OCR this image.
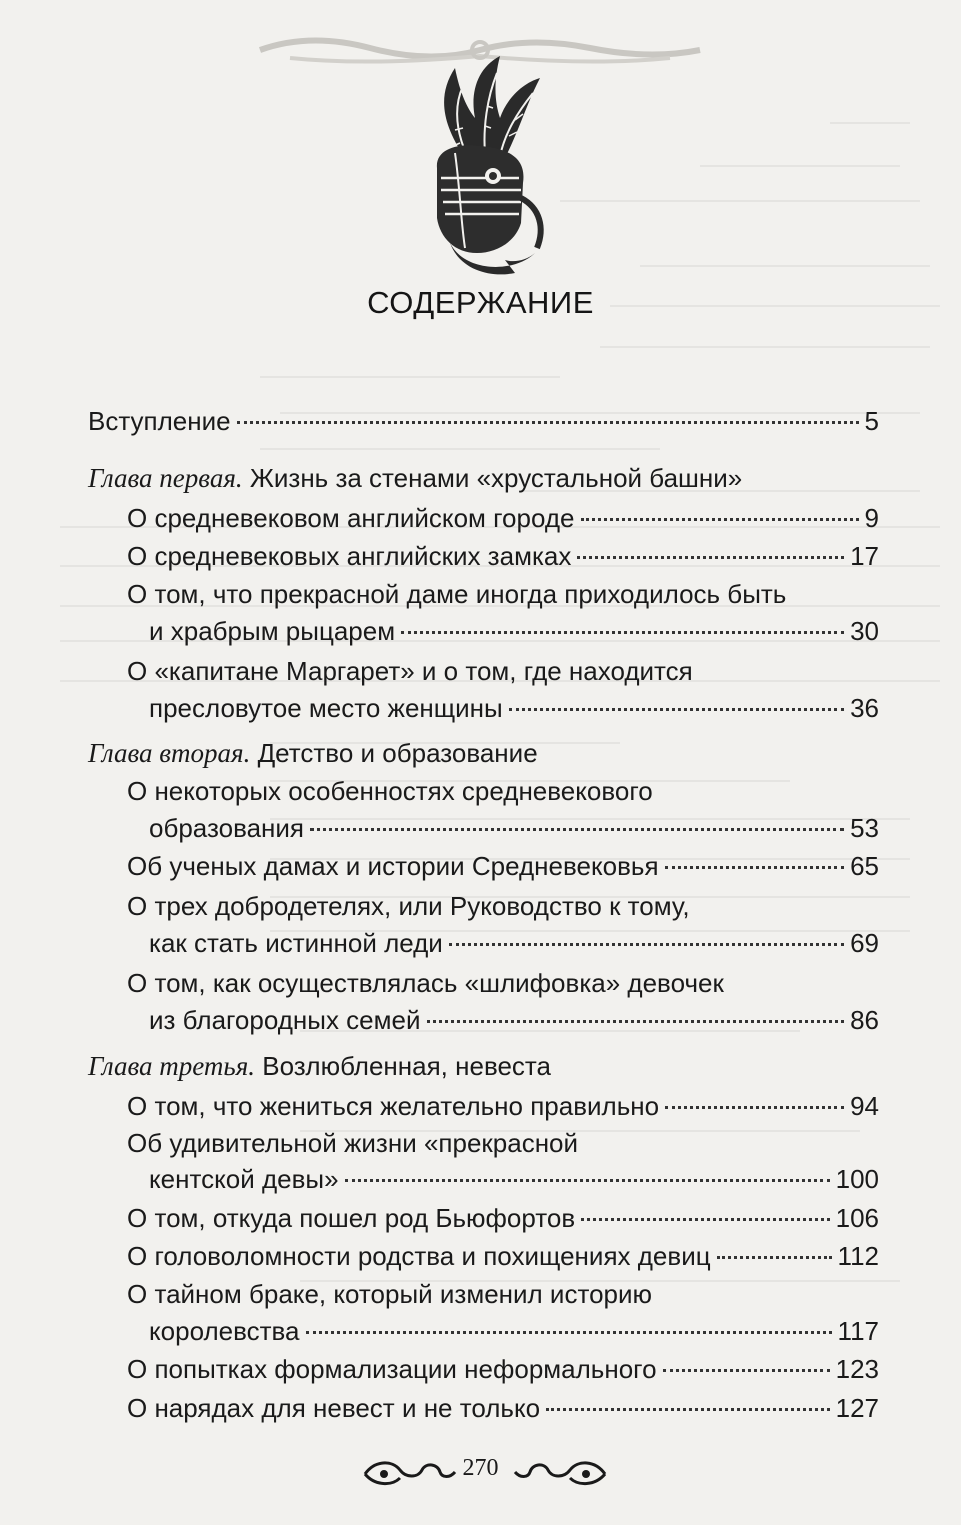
СОДЕРЖАНИЕ
Вступление	5
Глава первая.
Жизнь за стенами «хрустальной башни»
О средневековом английском городе	9
О средневековых английских замках	17
О том, что прекрасной даме иногда приходилось быть
и храбрым рыцарем	30
О «капитане Маргарет» и о том, где находится
пресловутое место женщины	36
Глава вторая.
Детство и образование
О некоторых особенностях средневекового
образования	53
Об ученых дамах и истории Средневековья	65
О трех добродетелях, или Руководство к тому,
как стать истинной леди	69
О том, как осуществлялась «шлифовка» девочек
из благородных семей	86
Глава третья.
Возлюбленная, невеста
О том, что жениться желательно правильно	94
Об удивительной жизни «прекрасной
кентской девы»	100
О том, откуда пошел род Бьюфортов	106
О головоломности родства и похищениях девиц	112
О тайном браке, который изменил историю
королевства	117
О попытках формализации неформального	123
О нарядах для невест и не только	127
270
